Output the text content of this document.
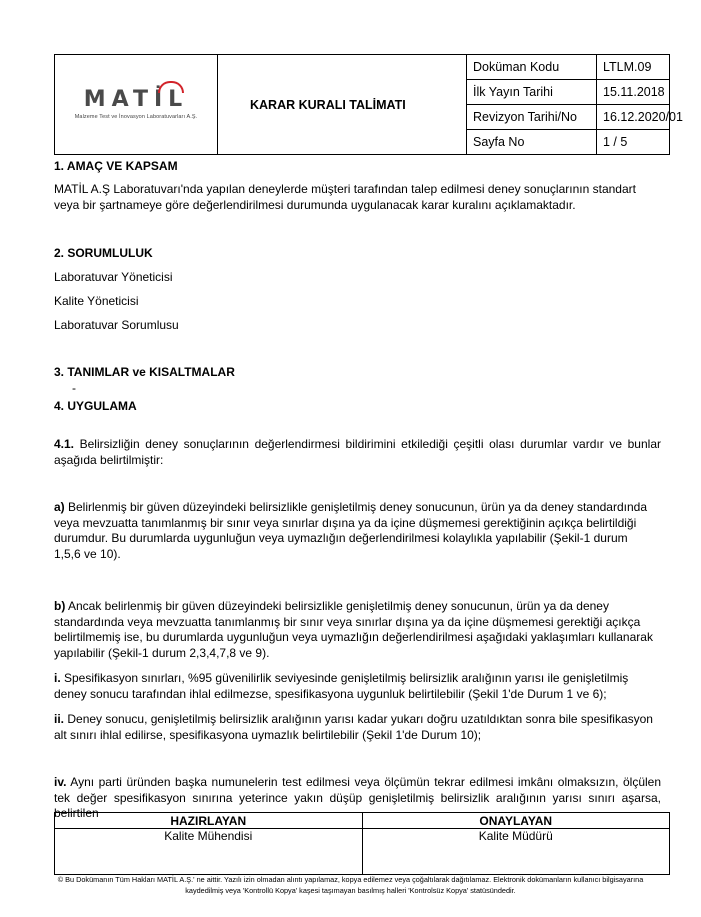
MATİL
Malzeme Test ve İnovasyon Laboratuvarları A.Ş.	KARAR KURALI TALİMATI	Doküman Kodu	LTLM.09
		İlk Yayın Tarihi	15.11.2018
		Revizyon Tarihi/No	16.12.2020/01
		Sayfa No	1 / 5
1. AMAÇ VE KAPSAM
MATİL A.Ş Laboratuvarı'nda yapılan deneylerde müşteri tarafından talep edilmesi deney sonuçlarının standart veya bir şartnameye göre değerlendirilmesi durumunda uygulanacak karar kuralını açıklamaktadır.
2. SORUMLULUK
Laboratuvar Yöneticisi
Kalite Yöneticisi
Laboratuvar Sorumlusu
3. TANIMLAR ve KISALTMALAR
-
4. UYGULAMA
4.1. Belirsizliğin deney sonuçlarının değerlendirmesi bildirimini etkilediği çeşitli olası durumlar vardır ve bunlar aşağıda belirtilmiştir:
a) Belirlenmiş bir güven düzeyindeki belirsizlikle genişletilmiş deney sonucunun, ürün ya da deney standardında veya mevzuatta tanımlanmış bir sınır veya sınırlar dışına ya da içine düşmemesi gerektiğinin açıkça belirtildiği durumdur. Bu durumlarda uygunluğun veya uymazlığın değerlendirilmesi kolaylıkla yapılabilir (Şekil-1 durum 1,5,6 ve 10).
b) Ancak belirlenmiş bir güven düzeyindeki belirsizlikle genişletilmiş deney sonucunun, ürün ya da deney standardında veya mevzuatta tanımlanmış bir sınır veya sınırlar dışına ya da içine düşmemesi gerektiği açıkça belirtilmemiş ise, bu durumlarda uygunluğun veya uymazlığın değerlendirilmesi aşağıdaki yaklaşımları kullanarak yapılabilir (Şekil-1 durum 2,3,4,7,8 ve 9).
i. Spesifikasyon sınırları, %95 güvenilirlik seviyesinde genişletilmiş belirsizlik aralığının yarısı ile genişletilmiş deney sonucu tarafından ihlal edilmezse, spesifikasyona uygunluk belirtilebilir (Şekil 1'de Durum 1 ve 6);
ii. Deney sonucu, genişletilmiş belirsizlik aralığının yarısı kadar yukarı doğru uzatıldıktan sonra bile spesifikasyon alt sınırı ihlal edilirse, spesifikasyona uymazlık belirtilebilir (Şekil 1'de Durum 10);
iv. Aynı parti üründen başka numunelerin test edilmesi veya ölçümün tekrar edilmesi imkânı olmaksızın, ölçülen tek değer spesifikasyon sınırına yeterince yakın düşüp genişletilmiş belirsizlik aralığının yarısı sınırı aşarsa, belirtilen
HAZIRLAYAN	ONAYLAYAN
Kalite Mühendisi	Kalite Müdürü
© Bu Dokümanın Tüm Hakları MATİL A.Ş.' ne aittir. Yazılı izin olmadan alıntı yapılamaz, kopya edilemez veya çoğaltılarak dağıtılamaz. Elektronik dokümanların kullanıcı bilgisayarına kaydedilmiş veya 'Kontrollü Kopya' kaşesi taşımayan basılmış halleri 'Kontrolsüz Kopya' statüsündedir.
